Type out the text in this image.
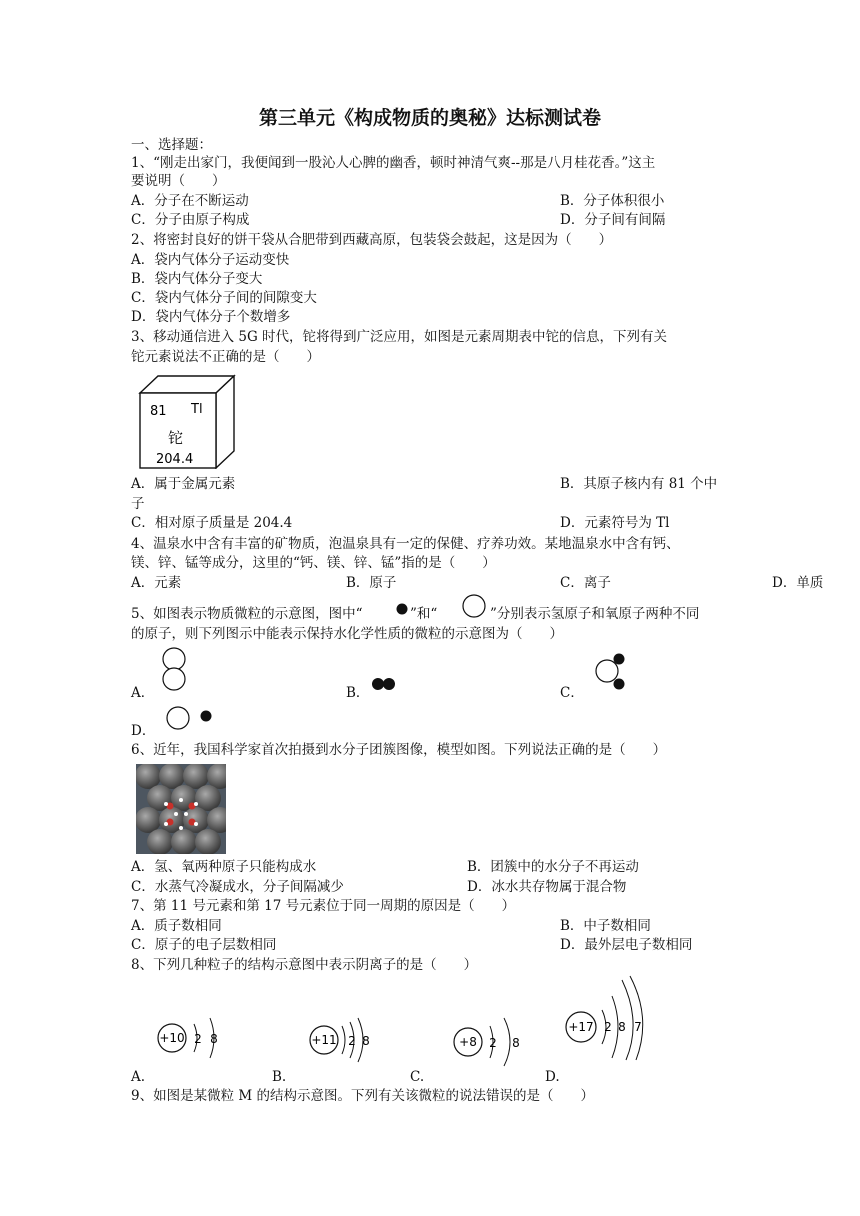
第三单元《构成物质的奥秘》达标测试卷
一、选择题：
1、“刚走出家门，我便闻到一股沁人心脾的幽香，顿时神清气爽--那是八月桂花香。”这主
要说明（　　）
A．分子在不断运动	B．分子体积很小
C．分子由原子构成	D．分子间有间隔
2、将密封良好的饼干袋从合肥带到西藏高原，包装袋会鼓起，这是因为（　　）
A．袋内气体分子运动变快
B．袋内气体分子变大
C．袋内气体分子间的间隙变大
D．袋内气体分子个数增多
3、移动通信进入 5G 时代，铊将得到广泛应用，如图是元素周期表中铊的信息，下列有关
铊元素说法不正确的是（　　）
81 Tl
铊
204.4
A．属于金属元素	B．其原子核内有 81 个中
子
C．相对原子质量是 204.4	D．元素符号为 Tl
4、温泉水中含有丰富的矿物质，泡温泉具有一定的保健、疗养功效。某地温泉水中含有钙、
镁、锌、锰等成分，这里的“钙、镁、锌、锰”指的是（　　）
A．元素	B．原子	C．离子	D．单质
5、如图表示物质微粒的示意图，图中“	”和“	”分别表示氢原子和氧原子两种不同
的原子，则下列图示中能表示保持水化学性质的微粒的示意图为（　　）
A．	B．	C．
D．
6、近年，我国科学家首次拍摄到水分子团簇图像，模型如图。下列说法正确的是（　　）
A．氢、氧两种原子只能构成水	B．团簇中的水分子不再运动
C．水蒸气冷凝成水，分子间隔减少	D．冰水共存物属于混合物
7、第 11 号元素和第 17 号元素位于同一周期的原因是（　　）
A．质子数相同	B．中子数相同
C．原子的电子层数相同	D．最外层电子数相同
8、下列几种粒子的结构示意图中表示阴离子的是（　　）
+10 2 8
A.
+11 2 8
B.
+8 2 8
C.
+17 2 8 7
D.
9、如图是某微粒 M 的结构示意图。下列有关该微粒的说法错误的是（　　）
